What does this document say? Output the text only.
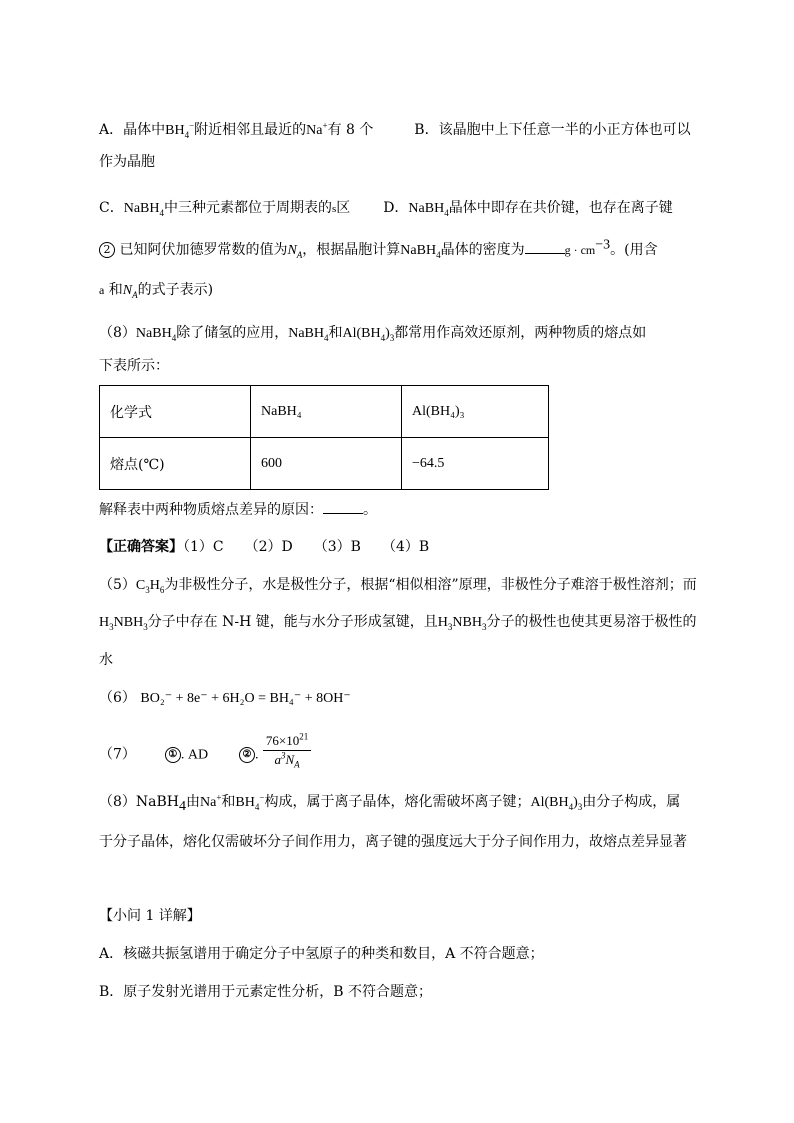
A．晶体中$BH_4^-$附近相邻且最近的Na+有 8 个	B．该晶胞中上下任意一半的小正方体也可以
作为晶胞
C．NaBH$_4$中三种元素都位于周期表的s区 D．NaBH$_4$晶体中即存在共价键，也存在离子键
2 已知阿伏加德罗常数的值为$N_A$，根据晶胞计算NaBH$_4$晶体的密度为	$g \cdot cm^{-3}$。(用含
a 和$N_A$的式子表示)
（8）NaBH$_4$除了储氢的应用，NaBH$_4$和$Al(BH_4)_3$都常用作高效还原剂，两种物质的熔点如
下表所示：
化学式	NaBH₄	Al(BH₄)₃
熔点(℃)	600	−64.5
解释表中两种物质熔点差异的原因：	。
【正确答案】（1）C　　（2）D　　（3）B　　（4）B
$(5)C_3H_6$为非极性分子，水是极性分子，根据“相似相溶”原理，非极性分子难溶于极性溶剂；而
$H_3NBH_3$分子中存在 N-H 键，能与水分子形成氢键，且$H_3NBH_3$分子的极性也使其更易溶于极性的
水
（6） BO₂⁻ + 8e⁻ + 6H₂O = BH₄⁻ + 8OH⁻
（7）	① . AD	② . $\frac{76\times 10^{21}}{a^3N_A}$
（8）NaBH$_4$由Na+和$BH_4^-$构成，属于离子晶体，熔化需破坏离子键；$Al(BH_4)_3$由分子构成，属
于分子晶体，熔化仅需破坏分子间作用力，离子键的强度远大于分子间作用力，故熔点差异显著
【小问 1 详解】
A．核磁共振氢谱用于确定分子中氢原子的种类和数目，A 不符合题意；
B．原子发射光谱用于元素定性分析，B 不符合题意；
